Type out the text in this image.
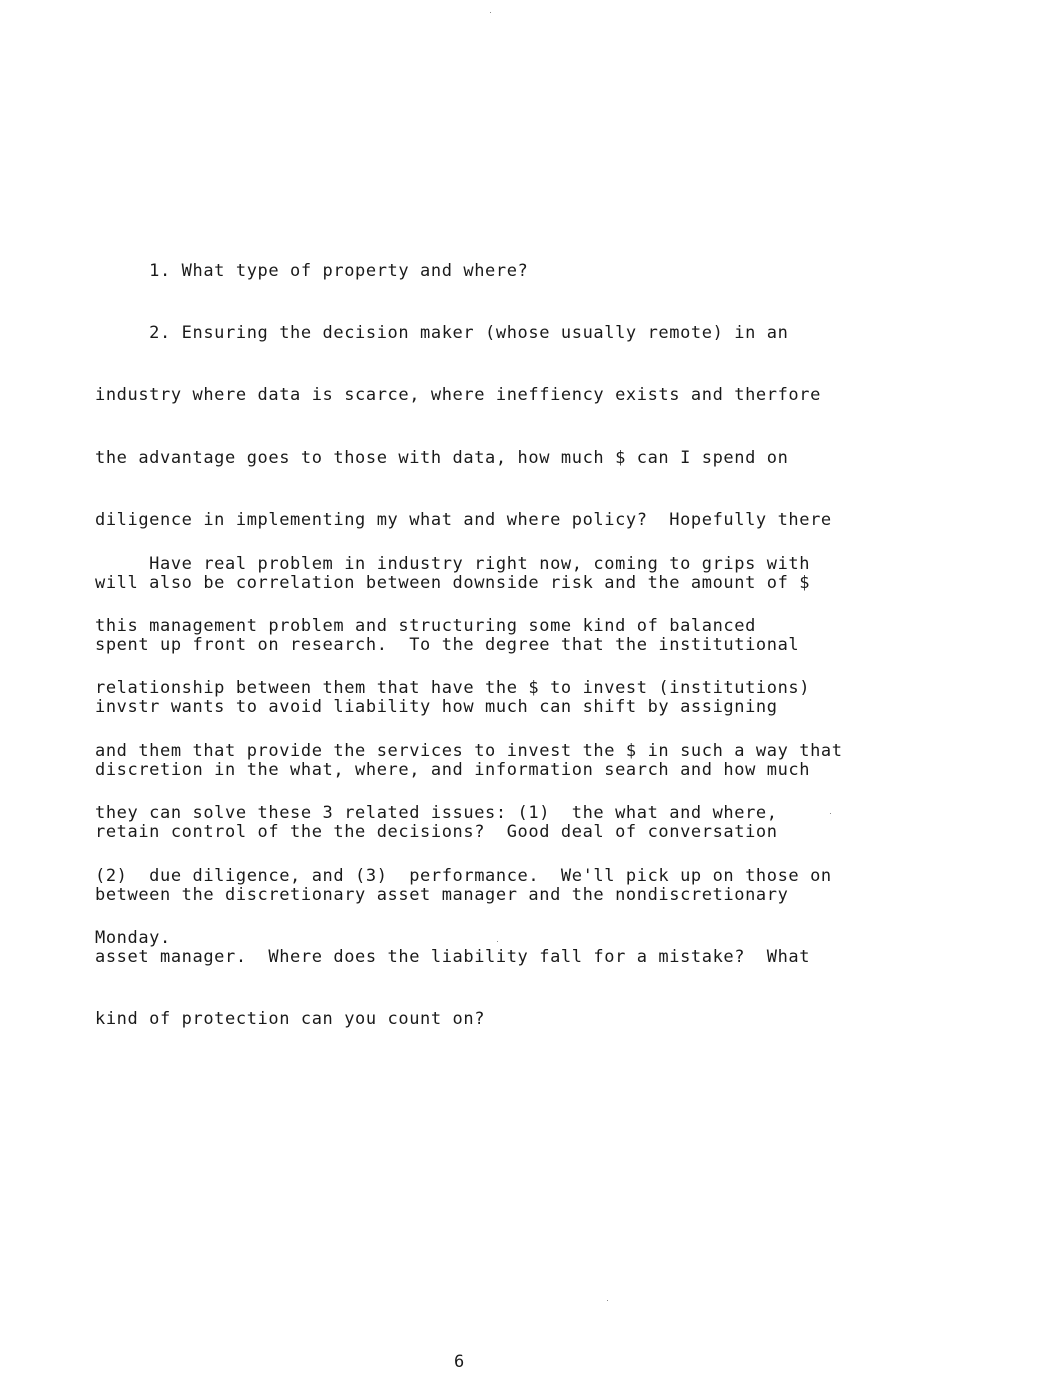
1. What type of property and where?

2. Ensuring the decision maker (whose usually remote) in an

industry where data is scarce, where ineffiency exists and therfore

the advantage goes to those with data, how much $ can I spend on

diligence in implementing my what and where policy?  Hopefully there

will also be correlation between downside risk and the amount of $

spent up front on research.  To the degree that the institutional

invstr wants to avoid liability how much can shift by assigning

discretion in the what, where, and information search and how much

retain control of the the decisions?  Good deal of conversation

between the discretionary asset manager and the nondiscretionary

asset manager.  Where does the liability fall for a mistake?  What

kind of protection can you count on?

Have real problem in industry right now, coming to grips with

this management problem and structuring some kind of balanced

relationship between them that have the $ to invest (institutions)

and them that provide the services to invest the $ in such a way that

they can solve these 3 related issues: (1)  the what and where,

(2)  due diligence, and (3)  performance.  We'll pick up on those on

Monday.

6
